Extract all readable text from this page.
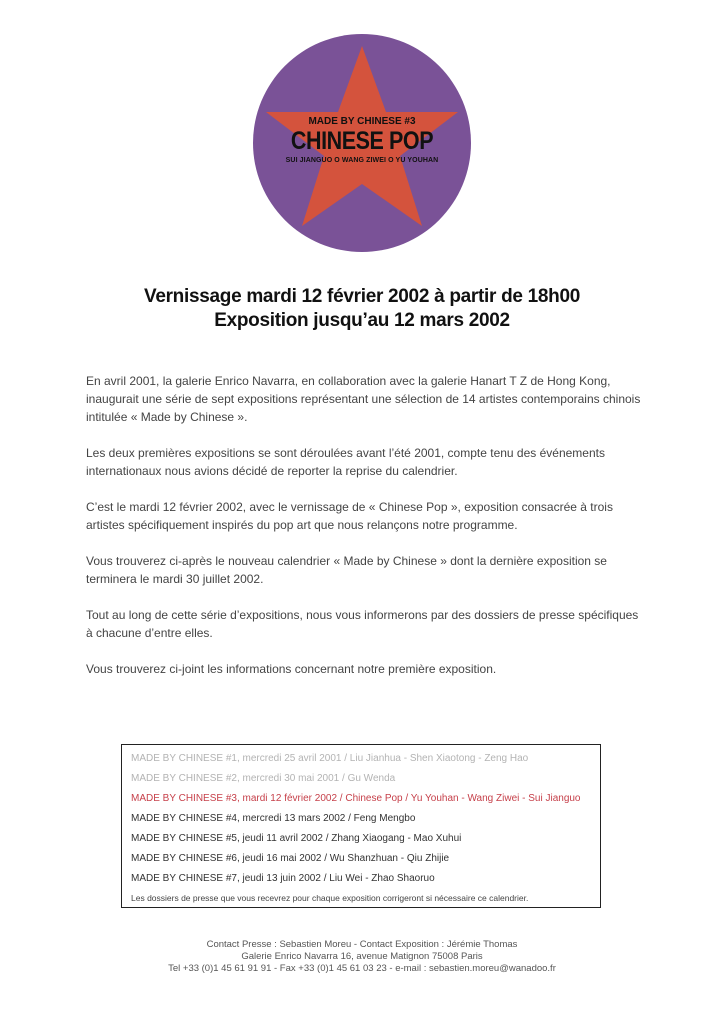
MADE BY CHINESE #3
CHINESE POP
SUI JIANGUO O WANG ZIWEI O YU YOUHAN
Vernissage mardi 12 février 2002 à partir de 18h00
Exposition jusqu’au 12 mars 2002

En avril 2001, la galerie Enrico Navarra, en collaboration avec la galerie Hanart T Z de Hong Kong, inaugurait une série de sept expositions représentant une sélection de 14 artistes contemporains chinois intitulée « Made by Chinese ».

Les deux premières expositions se sont déroulées avant l’été 2001, compte tenu des événements internationaux nous avions décidé de reporter la reprise du calendrier.

C’est le mardi 12 février 2002, avec le vernissage de « Chinese Pop », exposition consacrée à trois artistes spécifiquement inspirés du pop art que nous relançons notre programme.

Vous trouverez ci-après le nouveau calendrier « Made by Chinese » dont la dernière exposition se terminera le mardi 30 juillet 2002.

Tout au long de cette série d’expositions, nous vous informerons par des dossiers de presse spécifiques à chacune d’entre elles.

Vous trouverez ci-joint les informations concernant notre première exposition.

MADE BY CHINESE #1, mercredi 25 avril 2001 / Liu Jianhua - Shen Xiaotong - Zeng Hao
MADE BY CHINESE #2, mercredi 30 mai 2001 / Gu Wenda
MADE BY CHINESE #3, mardi 12 février 2002 / Chinese Pop / Yu Youhan - Wang Ziwei - Sui Jianguo
MADE BY CHINESE #4, mercredi 13 mars 2002 / Feng Mengbo
MADE BY CHINESE #5, jeudi 11 avril 2002 / Zhang Xiaogang - Mao Xuhui
MADE BY CHINESE #6, jeudi 16 mai 2002 / Wu Shanzhuan - Qiu Zhijie
MADE BY CHINESE #7, jeudi 13 juin 2002 / Liu Wei - Zhao Shaoruo
Les dossiers de presse que vous recevrez pour chaque exposition corrigeront si nécessaire ce calendrier.
Contact Presse : Sebastien Moreu - Contact Exposition : Jérémie Thomas
Galerie Enrico Navarra 16, avenue Matignon 75008 Paris
Tel +33 (0)1 45 61 91 91 - Fax +33 (0)1 45 61 03 23 - e-mail : sebastien.moreu@wanadoo.fr
